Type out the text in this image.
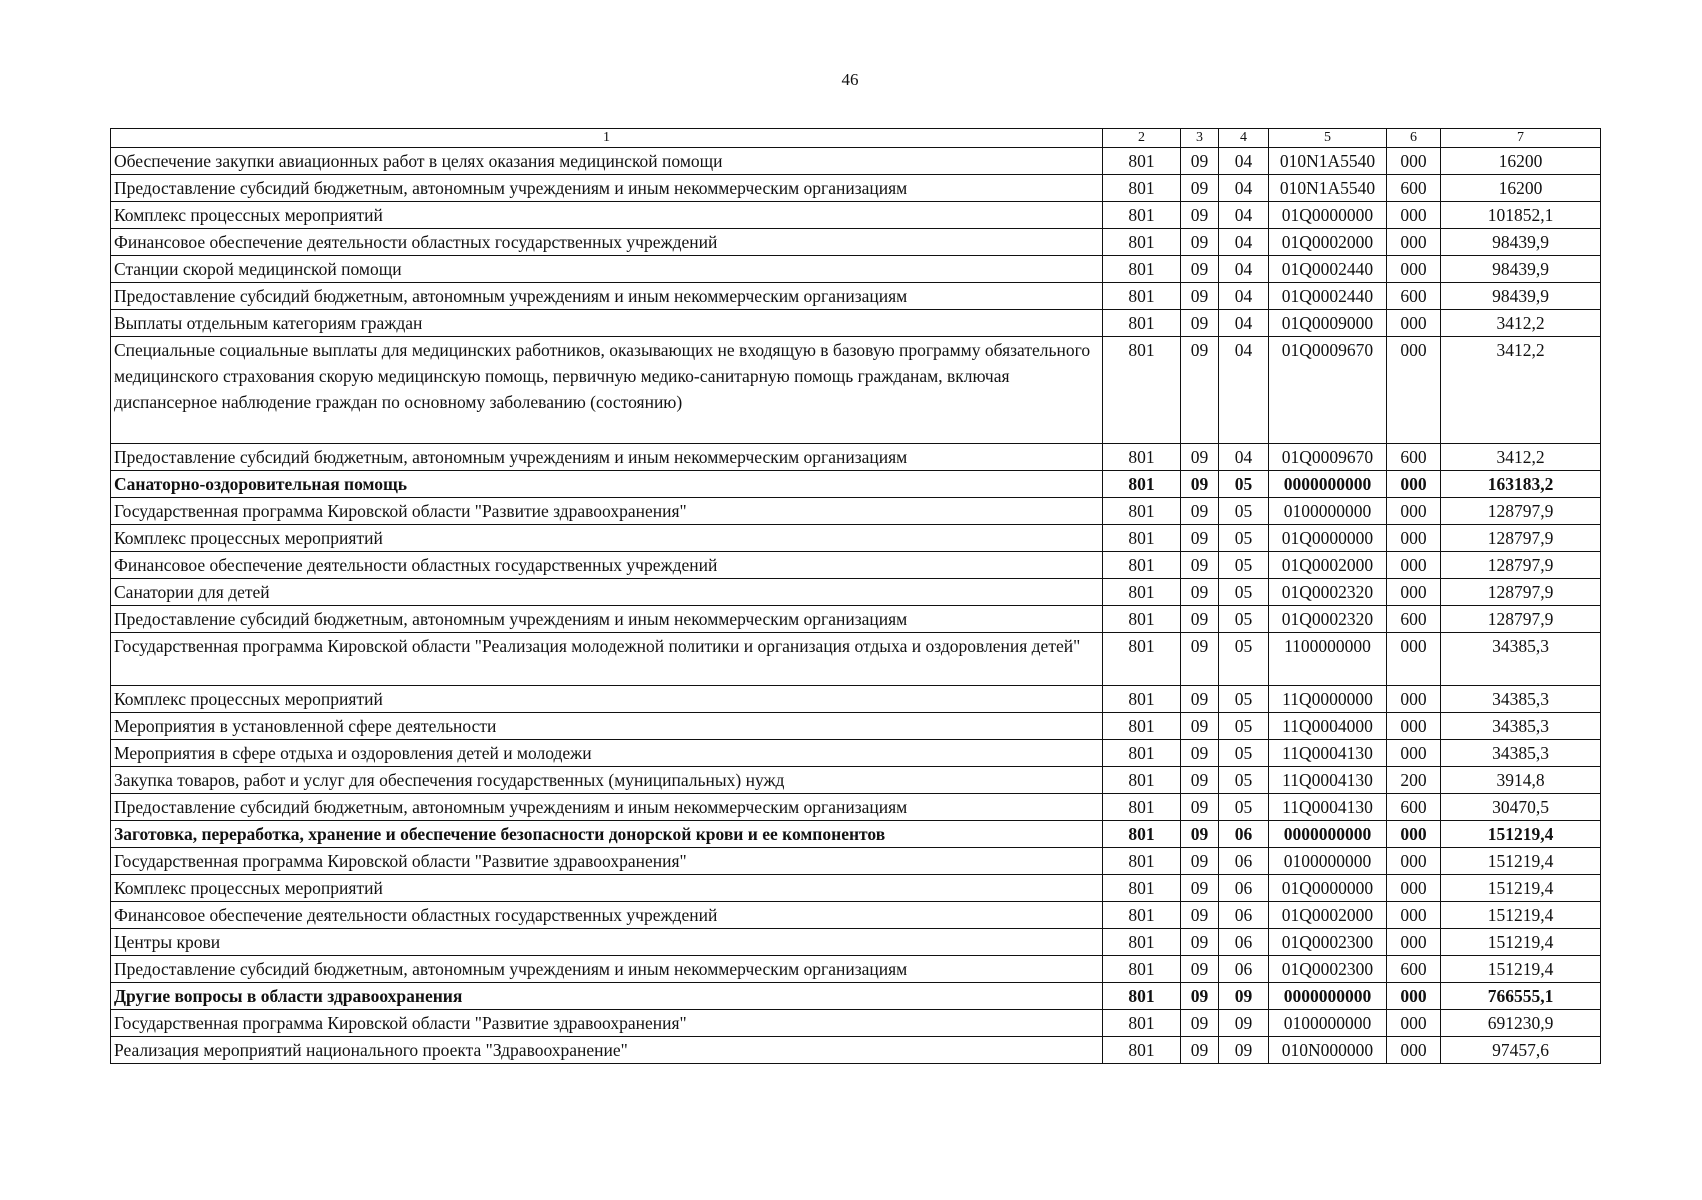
46
1	2	3	4	5	6	7
Обеспечение закупки авиационных работ в целях оказания медицинской помощи	801	09	04	010N1A5540	000	16200
Предоставление субсидий бюджетным, автономным учреждениям и иным некоммерческим организациям	801	09	04	010N1A5540	600	16200
Комплекс процессных мероприятий	801	09	04	01Q0000000	000	101852,1
Финансовое обеспечение деятельности областных государственных учреждений	801	09	04	01Q0002000	000	98439,9
Станции скорой медицинской помощи	801	09	04	01Q0002440	000	98439,9
Предоставление субсидий бюджетным, автономным учреждениям и иным некоммерческим организациям	801	09	04	01Q0002440	600	98439,9
Выплаты отдельным категориям граждан	801	09	04	01Q0009000	000	3412,2
Специальные социальные выплаты для медицинских работников, оказывающих не входящую в базовую программу обязательного медицинского страхования скорую медицинскую помощь, первичную медико-санитарную помощь гражданам, включая диспансерное наблюдение граждан по основному заболеванию (состоянию)	801	09	04	01Q0009670	000	3412,2
Предоставление субсидий бюджетным, автономным учреждениям и иным некоммерческим организациям	801	09	04	01Q0009670	600	3412,2
Санаторно-оздоровительная помощь	801	09	05	0000000000	000	163183,2
Государственная программа Кировской области "Развитие здравоохранения"	801	09	05	0100000000	000	128797,9
Комплекс процессных мероприятий	801	09	05	01Q0000000	000	128797,9
Финансовое обеспечение деятельности областных государственных учреждений	801	09	05	01Q0002000	000	128797,9
Санатории для детей	801	09	05	01Q0002320	000	128797,9
Предоставление субсидий бюджетным, автономным учреждениям и иным некоммерческим организациям	801	09	05	01Q0002320	600	128797,9
Государственная программа Кировской области "Реализация молодежной политики и организация отдыха и оздоровления детей"	801	09	05	1100000000	000	34385,3
Комплекс процессных мероприятий	801	09	05	11Q0000000	000	34385,3
Мероприятия в установленной сфере деятельности	801	09	05	11Q0004000	000	34385,3
Мероприятия в сфере отдыха и оздоровления детей и молодежи	801	09	05	11Q0004130	000	34385,3
Закупка товаров, работ и услуг для обеспечения государственных (муниципальных) нужд	801	09	05	11Q0004130	200	3914,8
Предоставление субсидий бюджетным, автономным учреждениям и иным некоммерческим организациям	801	09	05	11Q0004130	600	30470,5
Заготовка, переработка, хранение и обеспечение безопасности донорской крови и ее компонентов	801	09	06	0000000000	000	151219,4
Государственная программа Кировской области "Развитие здравоохранения"	801	09	06	0100000000	000	151219,4
Комплекс процессных мероприятий	801	09	06	01Q0000000	000	151219,4
Финансовое обеспечение деятельности областных государственных учреждений	801	09	06	01Q0002000	000	151219,4
Центры крови	801	09	06	01Q0002300	000	151219,4
Предоставление субсидий бюджетным, автономным учреждениям и иным некоммерческим организациям	801	09	06	01Q0002300	600	151219,4
Другие вопросы в области здравоохранения	801	09	09	0000000000	000	766555,1
Государственная программа Кировской области "Развитие здравоохранения"	801	09	09	0100000000	000	691230,9
Реализация мероприятий национального проекта "Здравоохранение"	801	09	09	010N000000	000	97457,6
